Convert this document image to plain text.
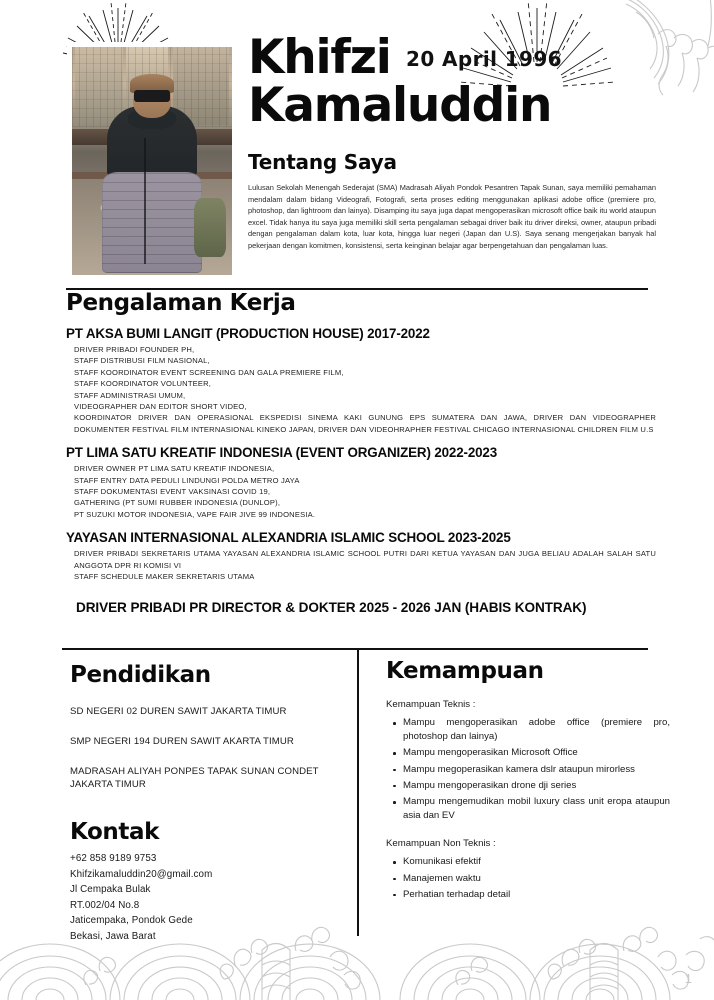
Khifzi
Kamaluddin
20 April 1996
Tentang Saya
Lulusan Sekolah Menengah Sederajat (SMA) Madrasah Aliyah Pondok Pesantren Tapak Sunan, saya memiliki pemahaman mendalam dalam bidang Videografi, Fotografi, serta proses editing menggunakan aplikasi adobe office (premiere pro, photoshop, dan lightroom dan lainya). Disamping itu saya juga dapat mengoperasikan microsoft office baik itu world ataupun excel. Tidak hanya itu saya juga memiliki skill serta pengalaman sebagai driver baik itu driver direksi, owner, ataupun pribadi dengan pengalaman dalam kota, luar kota, hingga luar negeri (Japan dan U.S). Saya senang mengerjakan banyak hal pekerjaan dengan komitmen, konsistensi, serta keinginan belajar agar berpengetahuan dan pengalaman luas.
Pengalaman Kerja
PT AKSA BUMI LANGIT (PRODUCTION HOUSE) 2017-2022
DRIVER PRIBADI FOUNDER PH,
STAFF DISTRIBUSI FILM NASIONAL,
STAFF KOORDINATOR EVENT SCREENING DAN GALA PREMIERE FILM,
STAFF KOORDINATOR VOLUNTEER,
STAFF ADMINISTRASI UMUM,
VIDEOGRAPHER DAN EDITOR SHORT VIDEO,
KOORDINATOR DRIVER DAN OPERASIONAL EKSPEDISI SINEMA KAKI GUNUNG EPS SUMATERA DAN JAWA, DRIVER DAN VIDEOGRAPHER DOKUMENTER FESTIVAL FILM INTERNASIONAL KINEKO JAPAN, DRIVER DAN VIDEOHRAPHER FESTIVAL CHICAGO INTERNASIONAL CHILDREN FILM U.S
PT LIMA SATU KREATIF INDONESIA (EVENT ORGANIZER) 2022-2023
DRIVER OWNER PT LIMA SATU KREATIF INDONESIA,
STAFF ENTRY DATA PEDULI LINDUNGI POLDA METRO JAYA
STAFF DOKUMENTASI EVENT VAKSINASI COVID 19,
GATHERING (PT SUMI RUBBER INDONESIA (DUNLOP),
PT SUZUKI MOTOR INDONESIA, VAPE FAIR JIVE 99 INDONESIA.
YAYASAN INTERNASIONAL ALEXANDRIA ISLAMIC SCHOOL 2023-2025
DRIVER PRIBADI SEKRETARIS UTAMA YAYASAN ALEXANDRIA ISLAMIC SCHOOL PUTRI DARI KETUA YAYASAN DAN JUGA BELIAU ADALAH SALAH SATU ANGGOTA DPR RI KOMISI VI
STAFF SCHEDULE MAKER SEKRETARIS UTAMA
DRIVER PRIBADI PR DIRECTOR & DOKTER 2025 - 2026 JAN (HABIS KONTRAK)
Pendidikan
SD NEGERI 02 DUREN SAWIT JAKARTA TIMUR
SMP NEGERI 194 DUREN SAWIT AKARTA TIMUR
MADRASAH ALIYAH PONPES TAPAK SUNAN CONDET JAKARTA TIMUR
Kontak
+62 858 9189 9753
Khifzikamaluddin20@gmail.com
Jl Cempaka Bulak
RT.002/04 No.8
Jaticempaka, Pondok Gede
Bekasi, Jawa Barat
Kemampuan
Kemampuan Teknis :
Mampu mengoperasikan adobe office (premiere pro, photoshop dan lainya)
Mampu mengoperasikan Microsoft Office
Mampu megoperasikan kamera dslr ataupun mirorless
Mampu mengoperasikan drone dji series
Mampu mengemudikan mobil luxury class unit eropa ataupun asia dan EV
Kemampuan Non Teknis :
Komunikasi efektif
Manajemen waktu
Perhatian terhadap detail
1
